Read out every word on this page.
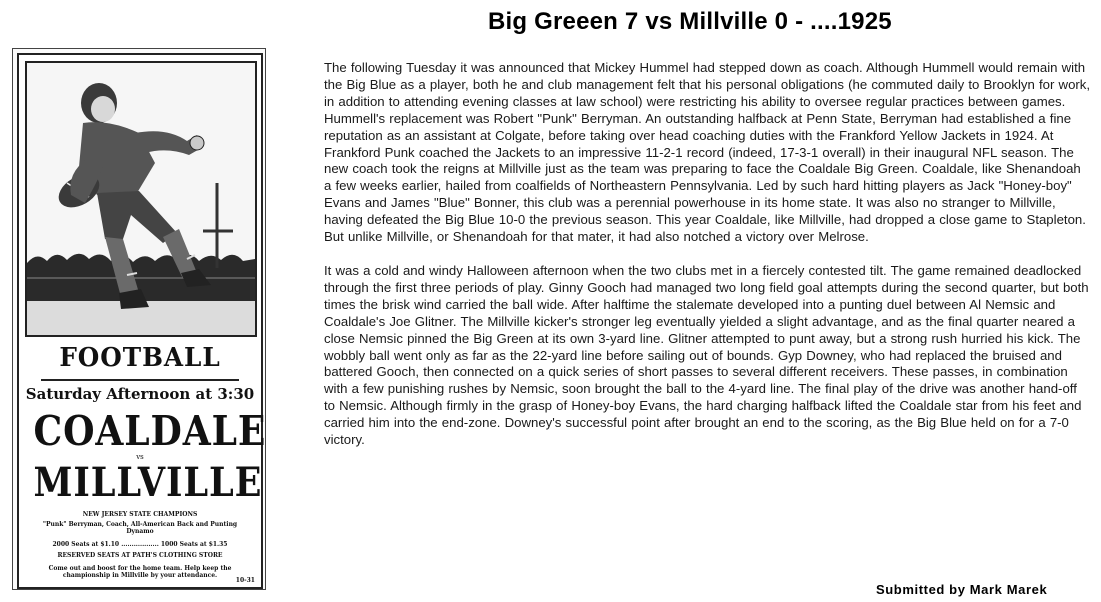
Big Greeen 7 vs Millville 0 - ....1925

The following Tuesday it was announced that Mickey Hummel had stepped down as coach. Although Hummell would remain with the Big Blue as a player, both he and club management felt that his personal obligations (he commuted daily to Brooklyn for work, in addition to attending evening classes at law school) were restricting his ability to oversee regular practices between games. Hummell's replacement was Robert "Punk" Berryman. An outstanding halfback at Penn State, Berryman had established a fine reputation as an assistant at Colgate, before taking over head coaching duties with the Frankford Yellow Jackets in 1924. At Frankford Punk coached the Jackets to an impressive 11-2-1 record (indeed, 17-3-1 overall) in their inaugural NFL season. The new coach took the reigns at Millville just as the team was preparing to face the Coaldale Big Green. Coaldale, like Shenandoah a few weeks earlier, hailed from coalfields of Northeastern Pennsylvania. Led by such hard hitting players as Jack "Honey-boy" Evans and James "Blue" Bonner, this club was a perennial powerhouse in its home state. It was also no stranger to Millville, having defeated the Big Blue 10-0 the previous season. This year Coaldale, like Millville, had dropped a close game to Stapleton. But unlike Millville, or Shenandoah for that mater, it had also notched a victory over Melrose.

It was a cold and windy Halloween afternoon when the two clubs met in a fiercely contested tilt. The game remained deadlocked through the first three periods of play. Ginny Gooch had managed two long field goal attempts during the second quarter, but both times the brisk wind carried the ball wide. After halftime the stalemate developed into a punting duel between Al Nemsic and Coaldale's Joe Glitner. The Millville kicker's stronger leg eventually yielded a slight advantage, and as the final quarter neared a close Nemsic pinned the Big Green at its own 3-yard line. Glitner attempted to punt away, but a strong rush hurried his kick. The wobbly ball went only as far as the 22-yard line before sailing out of bounds. Gyp Downey, who had replaced the bruised and battered Gooch, then connected on a quick series of short passes to several different receivers. These passes, in combination with a few punishing rushes by Nemsic, soon brought the ball to the 4-yard line. The final play of the drive was another hand-off to Nemsic. Although firmly in the grasp of Honey-boy Evans, the hard charging halfback lifted the Coaldale star from his feet and carried him into the end-zone. Downey's successful point after brought an end to the scoring, as the Big Blue held on for a 7-0 victory.

Submitted by Mark Marek
FOOTBALL
Saturday Afternoon at 3:30
COALDALE
vs
MILLVILLE
NEW JERSEY STATE CHAMPIONS
"Punk" Berryman, Coach, All-American Back and Punting Dynamo
2000 Seats at $1.10 .................. 1000 Seats at $1.35
RESERVED SEATS AT PATH'S CLOTHING STORE
Come out and boost for the home team. Help keep the championship in Millville by your attendance.
10-31
